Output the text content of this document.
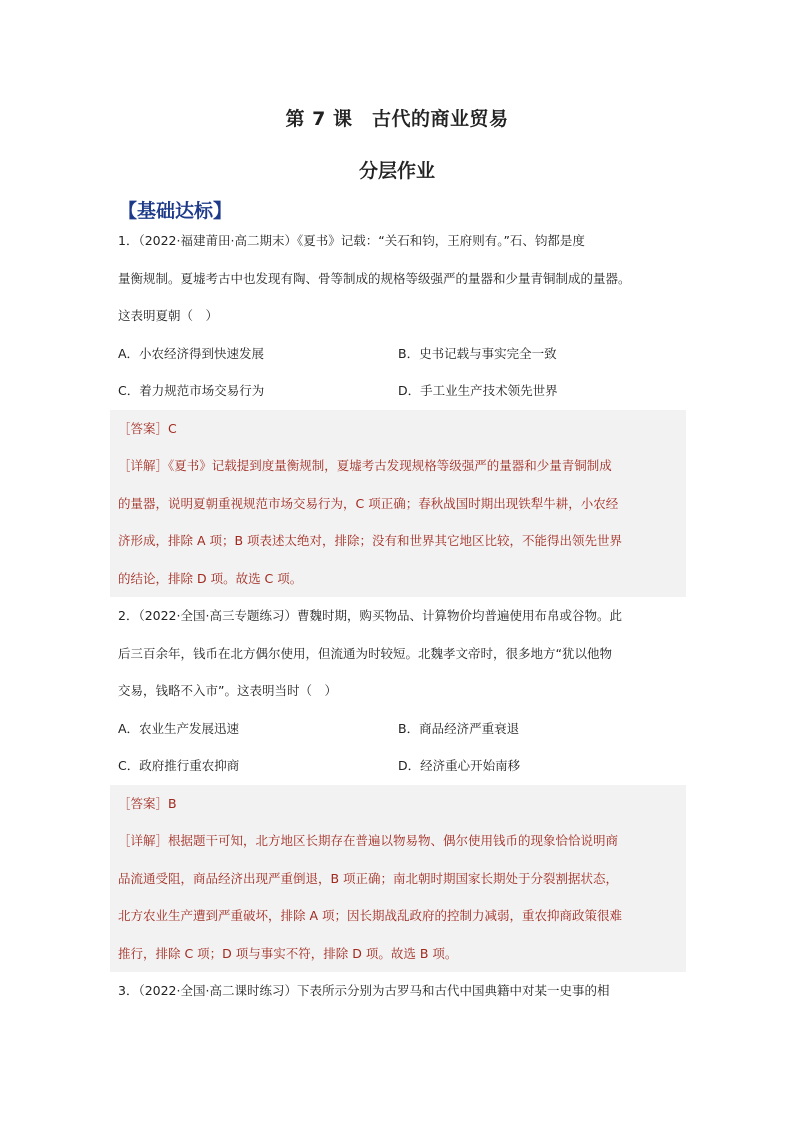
第 7 课　古代的商业贸易
分层作业
【基础达标】
1．（2022·福建莆田·高二期末）《夏书》记载：“关石和钧，王府则有。”石、钧都是度
量衡规制。夏墟考古中也发现有陶、骨等制成的规格等级强严的量器和少量青铜制成的量器。
这表明夏朝（　）
A．小农经济得到快速发展	B．史书记载与事实完全一致
C．着力规范市场交易行为	D．手工业生产技术领先世界
［答案］C
［详解］《夏书》记载提到度量衡规制，夏墟考古发现规格等级强严的量器和少量青铜制成
的量器，说明夏朝重视规范市场交易行为，C 项正确；春秋战国时期出现铁犁牛耕，小农经
济形成，排除 A 项；B 项表述太绝对，排除；没有和世界其它地区比较，不能得出领先世界
的结论，排除 D 项。故选 C 项。
2．（2022·全国·高三专题练习）曹魏时期，购买物品、计算物价均普遍使用布帛或谷物。此
后三百余年，钱币在北方偶尔使用，但流通为时较短。北魏孝文帝时，很多地方“犹以他物
交易，钱略不入市”。这表明当时（　）
A．农业生产发展迅速	B．商品经济严重衰退
C．政府推行重农抑商	D．经济重心开始南移
［答案］B
［详解］根据题干可知，北方地区长期存在普遍以物易物、偶尔使用钱币的现象恰恰说明商
品流通受阻，商品经济出现严重倒退，B 项正确；南北朝时期国家长期处于分裂割据状态，
北方农业生产遭到严重破坏，排除 A 项；因长期战乱政府的控制力减弱，重农抑商政策很难
推行，排除 C 项；D 项与事实不符，排除 D 项。故选 B 项。
3．（2022·全国·高二课时练习）下表所示分别为古罗马和古代中国典籍中对某一史事的相
